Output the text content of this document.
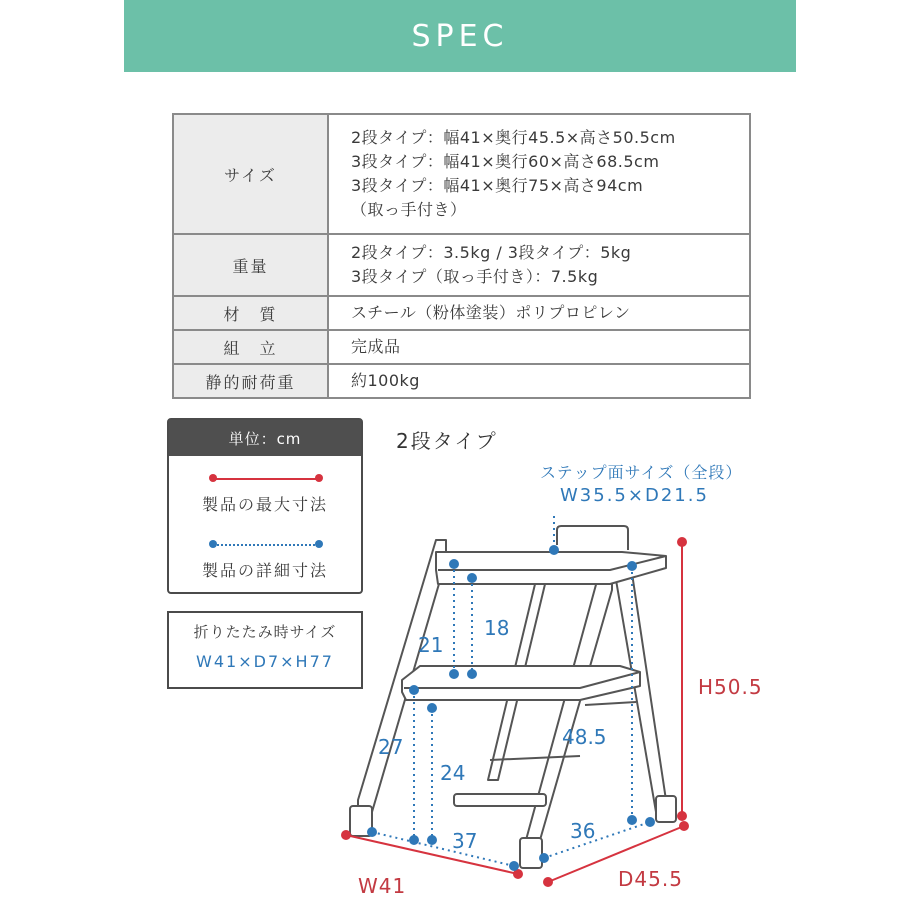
SPEC
サイズ	2段タイプ：幅41×奥行45.5×高さ50.5cm
3段タイプ：幅41×奥行60×高さ68.5cm
3段タイプ：幅41×奥行75×高さ94cm
（取っ手付き）

重量	2段タイプ：3.5kg / 3段タイプ：5kg
3段タイプ（取っ手付き）：7.5kg

材　質	スチール（粉体塗装）ポリプロピレン
組　立	完成品
静的耐荷重	約100kg
単位：cm
製品の最大寸法
製品の詳細寸法
折りたたみ時サイズ
W41×D7×H77
2段タイプ
ステップ面サイズ（全段）
W35.5×D21.5
18
21
27
24
48.5
37	36
H50.5
W41	D45.5
